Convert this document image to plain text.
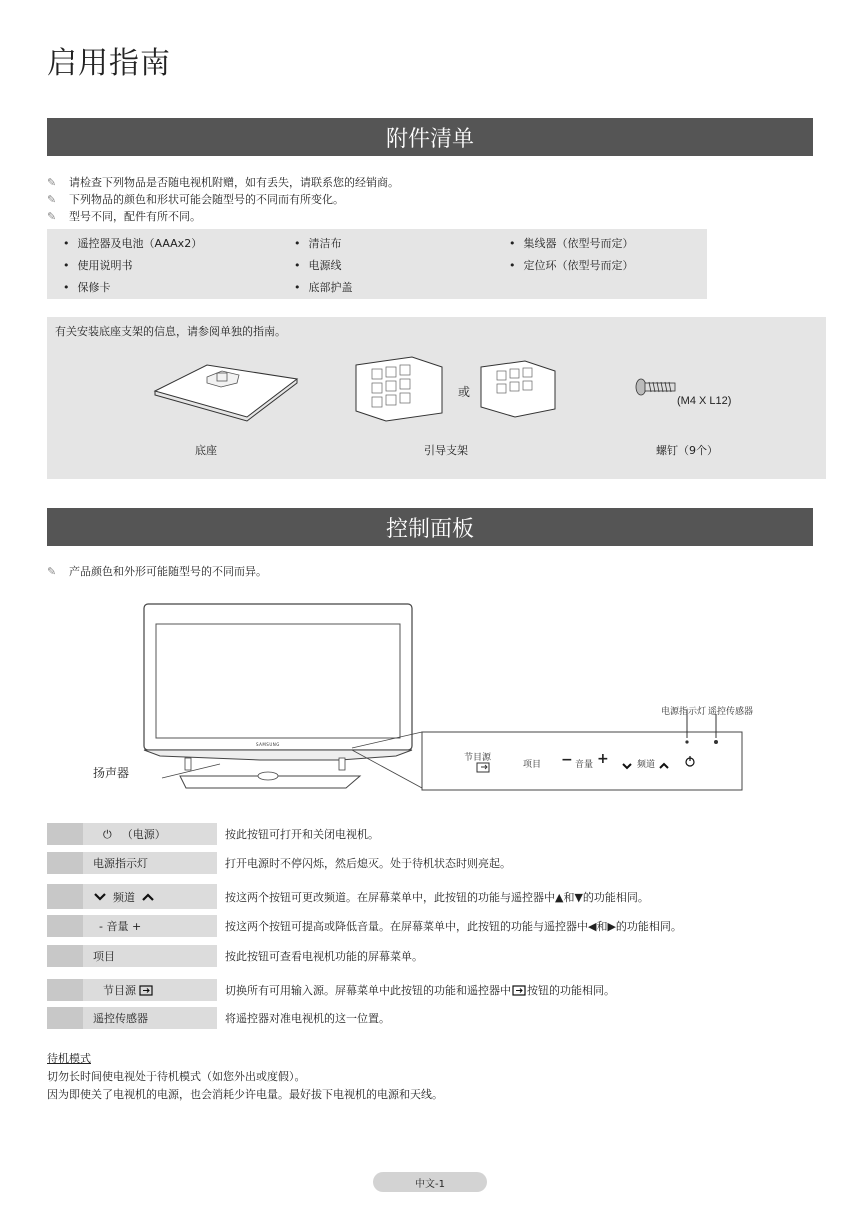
启用指南
附件清单
✎	请检查下列物品是否随电视机附赠，如有丢失，请联系您的经销商。
✎	下列物品的颜色和形状可能会随型号的不同而有所变化。
✎	型号不同，配件有所不同。
• 遥控器及电池（AAAx2）
• 使用说明书
• 保修卡
• 清洁布
• 电源线
• 底部护盖
• 集线器（依型号而定）
• 定位环（依型号而定）
有关安装底座支架的信息，请参阅单独的指南。
底座
或
引导支架
(M4 X L12)
螺钉（9个）
控制面板
✎	产品颜色和外形可能随型号的不同而异。
SAMSUNG
电源指示灯 遥控传感器
节目源
项目 − 音量 +	频道
扬声器
⏻ （电源）	按此按钮可打开和关闭电视机。
电源指示灯	打开电源时不停闪烁，然后熄灭。处于待机状态时则亮起。
频道	按这两个按钮可更改频道。在屏幕菜单中，此按钮的功能与遥控器中▲和▼的功能相同。
- 音量 +	按这两个按钮可提高或降低音量。在屏幕菜单中，此按钮的功能与遥控器中◀和▶的功能相同。
项目	按此按钮可查看电视机功能的屏幕菜单。
节目源	切换所有可用输入源。屏幕菜单中此按钮的功能和遥控器中 按钮的功能相同。
遥控传感器	将遥控器对准电视机的这一位置。
待机模式
切勿长时间使电视处于待机模式（如您外出或度假）。
因为即使关了电视机的电源，也会消耗少许电量。最好拔下电视机的电源和天线。
中文-1
